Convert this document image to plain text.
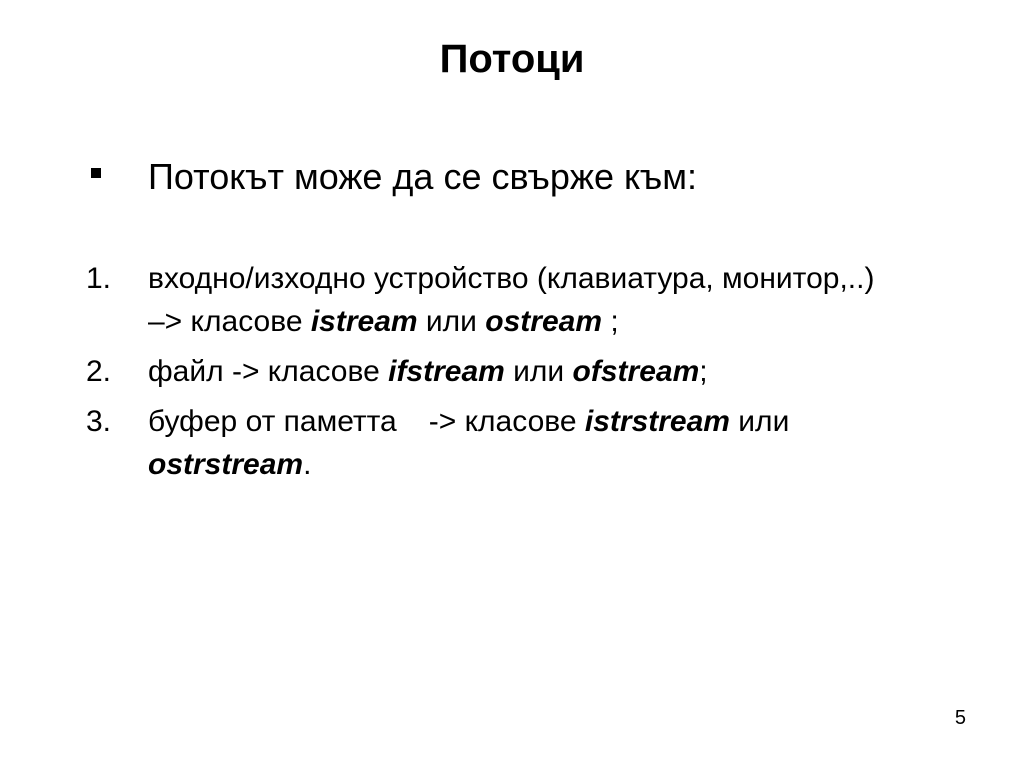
Потоци
Потокът може да се свърже към:
1. входно/изходно устройство (клавиатура, монитор,..)
–> класове istream или ostream ;
2. файл -> класове ifstream или ofstream;
3. буфер от паметта -> класове istrstream или
ostrstream.
5
